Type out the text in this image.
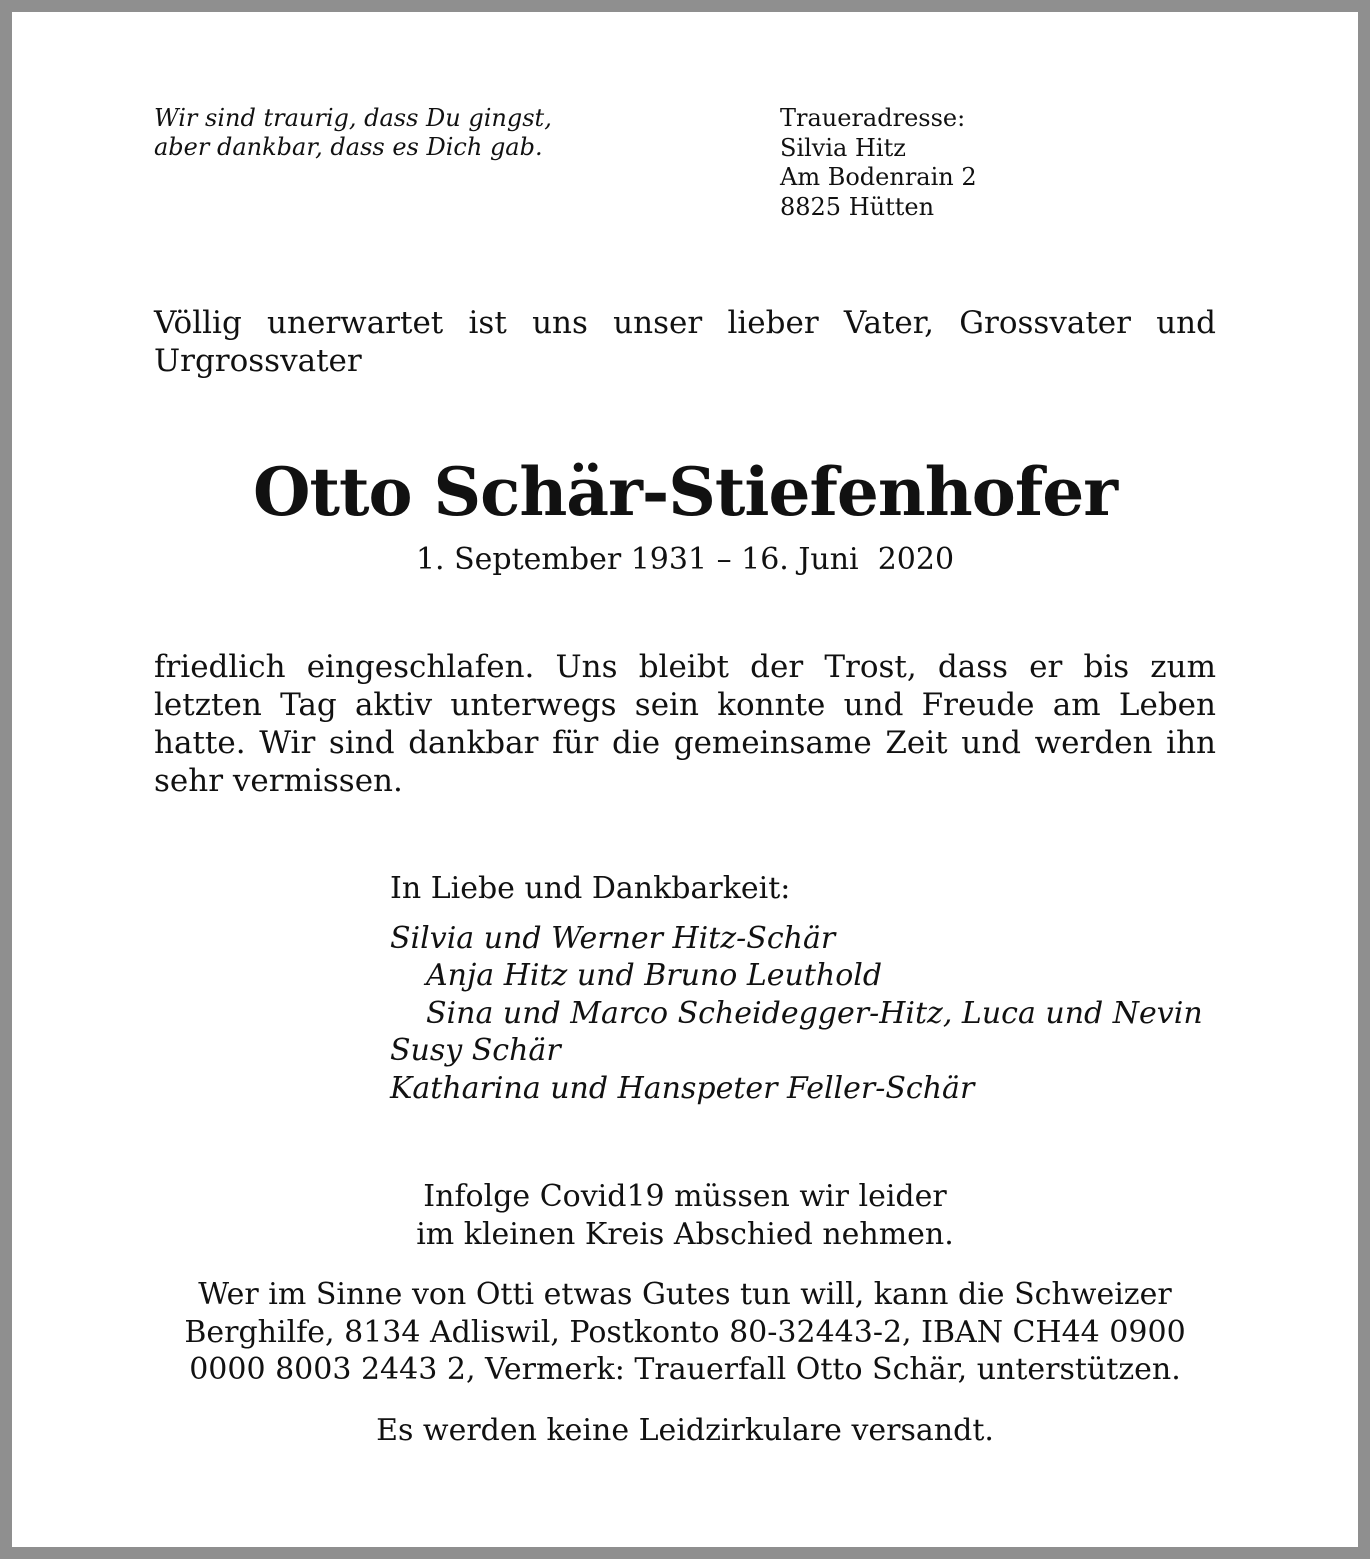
Wir sind traurig, dass Du gingst,
aber dankbar, dass es Dich gab.
Traueradresse:
Silvia Hitz
Am Bodenrain 2
8825 Hütten

Völlig unerwartet ist uns unser lieber Vater, Grossvater und Urgrossvater

Otto Schär-Stiefenhofer
1. September 1931 – 16. Juni  2020

friedlich eingeschlafen. Uns bleibt der Trost, dass er bis zum letzten Tag aktiv unterwegs sein konnte und Freude am Leben hatte. Wir sind dankbar für die gemeinsame Zeit und werden ihn sehr vermissen.

In Liebe und Dankbarkeit:
Silvia und Werner Hitz-Schär
Anja Hitz und Bruno Leuthold
Sina und Marco Scheidegger-Hitz, Luca und Nevin
Susy Schär
Katharina und Hanspeter Feller-Schär
Infolge Covid19 müssen wir leider
im kleinen Kreis Abschied nehmen.
Wer im Sinne von Otti etwas Gutes tun will, kann die Schweizer
Berghilfe, 8134 Adliswil, Postkonto 80-32443-2, IBAN CH44 0900
0000 8003 2443 2, Vermerk: Trauerfall Otto Schär, unterstützen.
Es werden keine Leidzirkulare versandt.
